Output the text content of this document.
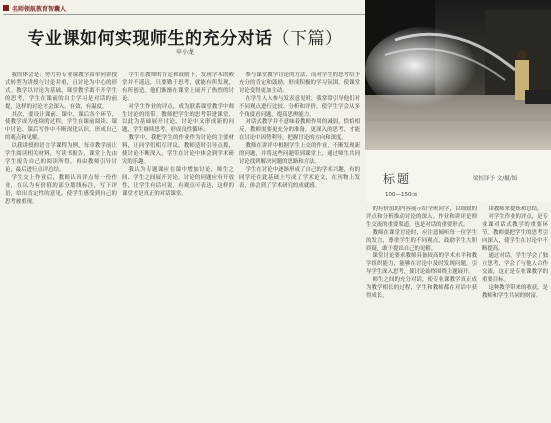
名师领航教育智囊人
专业课如何实现师生的充分对话（下篇）
申小龙

我的体会是：努力将专业课教学由单向讲授式转型为讲授与讨论并重，且讨论为中心的形式。教学以讨论为基础，课堂教学离不开学生的思考，学生在课前的自主学习是对话的前提，这样的讨论才会深入、有效、有温度。

其次，要设计课前、课中、课后各个环节，使教学成为连续的过程，学生在课前阅读、课中讨论、课后写作中不断深化认识，形成自己的观点和见解。

以我讲授的语言学课程为例，每章教学前让学生阅读相关材料，写读书报告，课堂上先由学生报告自己的阅读所得，再由教师引导讨论，最后进行点评总结。

学生交上作业后，教师认真评点每一份作业，在认为有价值的部分划线标注，写下评语，给出肯定性的意见，使学生感受到自己的思考被重视。

学生在教师的肯定和鼓励下，发现学术的殿堂并不遥远，只要勤于思考，就能有所发现，有所创造。他们渐渐在课堂上展开了热烈的讨论。

对学生作业的评点，成为联系课堂教学中师生讨论的纽带。教师把学生的思考带进课堂，以此为基础展开讨论，讨论中又形成新的问题，学生继续思考，形成良性循环。

教学中，我把学生的作业作为讨论的主要材料，让同学们相互评议，教师适时引导点拨，使讨论不断深入，学生在讨论中体会到学术研究的乐趣。

我认为专题课应在课中增加讨论，师生之间、学生之间展开讨论，讨论的问题应有开放性，让学生有话可说，有观点可表达，这样的课堂才是真正的对话课堂。

参与课堂教学讨论的方法，而对学生的思考给予充分的肯定和鼓励，形成积极的学习氛围，使课堂讨论变得更加主动。

在学生人人参与发表意见时，我常常引导他们对不同观点进行比较、分析和评价，使学生学会从多个角度看问题，提高思辨能力。

对话式教学并不意味着教师作用的减弱，恰恰相反，教师需要更充分的准备，更深入的思考，才能在讨论中因势利导，把握讨论的方向和深度。

教师在讲评中根据学生上交的作业，不断发现新的问题，并将这些问题带到课堂上，通过师生共同讨论找到解决问题的思路和方法。

学生在讨论中逐渐形成了自己的学术兴趣，有的同学还在此基础上写成了学术论文，在刊物上发表，体会到了学术研究的成就感。

的有价值的内容展示给全班同学，以细致的评点和分析推动讨论的深入。作业和讲评是师生交流的重要渠道，也是对话的重要形式。

教师在课堂讨论时，应注意倾听每一位学生的发言，尊重学生的不同观点，鼓励学生大胆质疑，敢于提出自己的见解。

课堂讨论要求教师具备较高的学术水平和教学组织能力，能够在讨论中及时发现问题，引导学生深入思考，使讨论始终围绕主题展开。

师生之间的充分对话，使专业课教学真正成为教学相长的过程，学生和教师都在对话中获得成长。

由教师来提炼和总结。

对学生作业的评点，是专业课对话式教学的重要环节。教师要把学生的思考引向深入，使学生在讨论中不断提高。

通过对话，学生学会了独立思考，学会了与他人合作交流，这正是专业课教学的重要目标。

这种教学带来的收获，是教师和学生共同的财富。

标题
100—150㎝
梁恒泽予 文/摄/图
